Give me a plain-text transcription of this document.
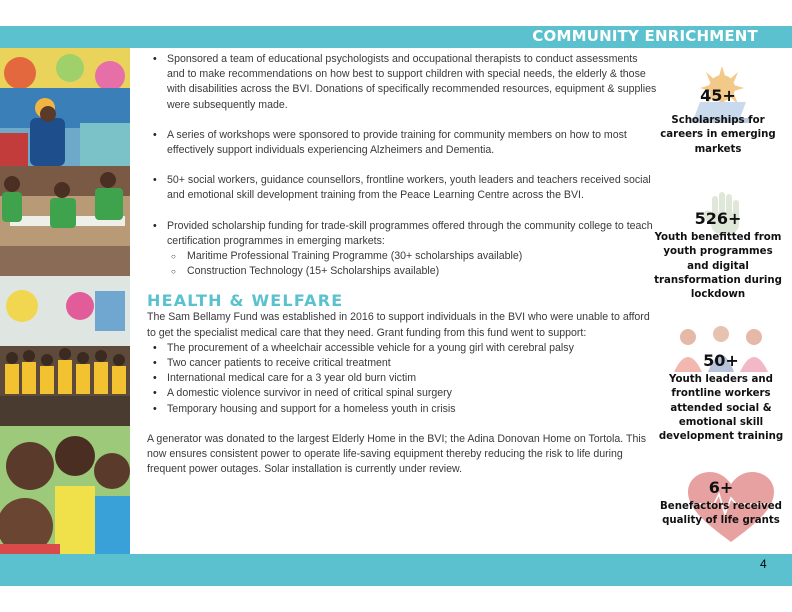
COMMUNITY ENRICHMENT
• Sponsored a team of educational psychologists and occupational therapists to conduct assessments and to make recommendations on how best to support children with special needs, the elderly & those with disabilities across the BVI. Donations of specifically recommended resources, equipment & supplies were subsequently made.
• A series of workshops were sponsored to provide training for community members on how to most effectively support individuals experiencing Alzheimers and Dementia.
• 50+ social workers, guidance counsellors, frontline workers, youth leaders and teachers received social and emotional skill development training from the Peace Learning Centre across the BVI.
• Provided scholarship funding for trade-skill programmes offered through the community college to teach certification programmes in emerging markets:
○ Maritime Professional Training Programme (30+ scholarships available)
○ Construction Technology (15+ Scholarships available)
HEALTH & WELFARE

The Sam Bellamy Fund was established in 2016 to support individuals in the BVI who were unable to afford to get the specialist medical care that they need. Grant funding from this fund went to support:

• The procurement of a wheelchair accessible vehicle for a young girl with cerebral palsy
• Two cancer patients to receive critical treatment
• International medical care for a 3 year old burn victim
• A domestic violence survivor in need of critical spinal surgery
• Temporary housing and support for a homeless youth in crisis

A generator was donated to the largest Elderly Home in the BVI; the Adina Donovan Home on Tortola. This now ensures consistent power to operate life-saving equipment thereby reducing the risk to life during frequent power outages. Solar installation is currently under review.

45+
Scholarships for careers in emerging markets
526+
Youth benefitted from youth programmes and digital transformation during lockdown
50+
Youth leaders and frontline workers attended social & emotional skill development training
6+
Benefactors received quality of life grants
4
